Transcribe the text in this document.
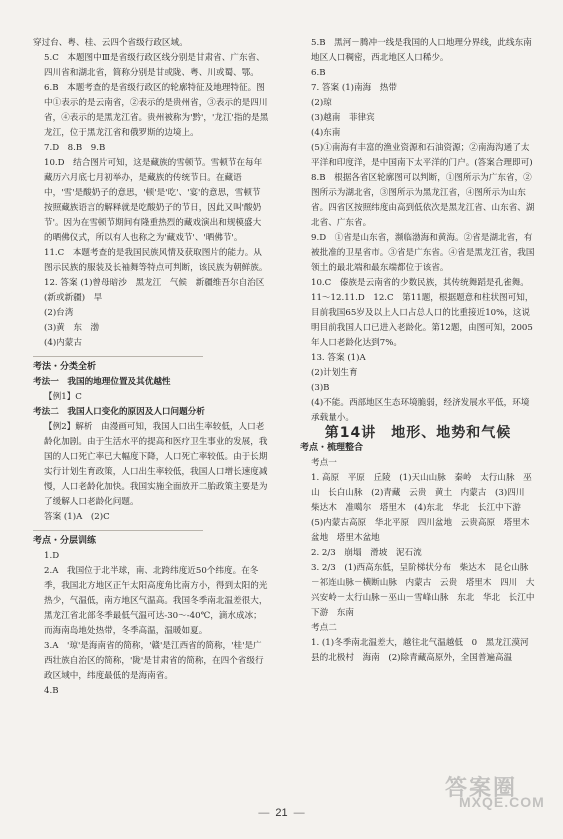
穿过台、粤、桂、云四个省级行政区域。

5.C　本题图中Ⅲ是省级行政区线分别是甘肃省、广东省、四川省和湖北省，简称分别是甘或陇、粤、川或蜀、鄂。

6.B　本题考查的是省级行政区的轮廓特征及地理特征。图中①表示的是云南省，②表示的是贵州省，③表示的是四川省，④表示的是黑龙江省。贵州被称为'黔'，'龙江'指的是黑龙江，位于黑龙江省和俄罗斯的边境上。

7.D　8.B　9.B

10.D　结合图片可知，这是藏族的雪顿节。雪顿节在每年藏历六月底七月初举办，是藏族的传统节日。在藏语中，'雪'是酸奶子的意思，'顿'是'吃'、'宴'的意思，雪顿节按照藏族语言的解释就是吃酸奶子的节日，因此又叫'酸奶节'。因为在雪顿节期间有隆重热烈的藏戏演出和规模盛大的晒佛仪式，所以有人也称之为'藏戏节'、'晒佛节'。

11.C　本题考查的是我国民族风情及获取图片的能力。从图示民族的服装及长袖舞等特点可判断，该民族为朝鲜族。

12. 答案 (1)曾母暗沙　黑龙江　气候　新疆维吾尔自治区(新或新疆)　旱

(2)台湾

(3)黄　东　渤

(4)内蒙古

考法・分类全析

考法一　我国的地理位置及其优越性

【例1】C

考法二　我国人口变化的原因及人口问题分析

【例2】解析　由漫画可知，我国人口出生率较低，人口老龄化加剧。由于生活水平的提高和医疗卫生事业的发展，我国的人口死亡率已大幅度下降，人口死亡率较低。由于长期实行计划生育政策，人口出生率较低，我国人口增长速度减慢，人口老龄化加快。我国实施全面放开二胎政策主要是为了缓解人口老龄化问题。

答案 (1)A　(2)C

考点・分层训练

1.D

2.A　我国位于北半球，南、北跨纬度近50个纬度。在冬季，我国北方地区正午太阳高度角比南方小，得到太阳的光热少，气温低，南方地区气温高。我国冬季南北温差很大，黑龙江省北部冬季最低气温可达-30～-40℃，滴水成冰；而海南岛地处热带，冬季高温，温暖如夏。

3.A　'琼'是海南省的简称，'赣'是江西省的简称，'桂'是广西壮族自治区的简称，'陇'是甘肃省的简称，在四个省级行政区域中，纬度最低的是海南省。

4.B

5.B　黑河－腾冲一线是我国的人口地理分界线，此线东南地区人口稠密，西北地区人口稀少。

6.B

7. 答案 (1)南海　热带

(2)琼

(3)越南　菲律宾

(4)东南

(5)①南海有丰富的渔业资源和石油资源；②南海沟通了太平洋和印度洋，是中国南下太平洋的门户。(答案合理即可)

8.B　根据各省区轮廓图可以判断，①图所示为广东省，②图所示为湖北省，③图所示为黑龙江省，④图所示为山东省。四省区按照纬度由高到低依次是黑龙江省、山东省、湖北省、广东省。

9.D　①省是山东省，濒临渤海和黄海。②省是湖北省，有被批准的卫星省市。③省是广东省。④省是黑龙江省，我国领土的最北端和最东端都位于该省。

10.C　傣族是云南省的少数民族，其传统舞蹈是孔雀舞。

11～12.11.D　12.C　第11题，根据题意和柱状图可知，目前我国65岁及以上人口占总人口的比重接近10%，这说明目前我国人口已进入老龄化。第12题，由图可知，2005年人口老龄化达到7%。

13. 答案 (1)A

(2)计划生育

(3)B

(4)不能。西部地区生态环境脆弱，经济发展水平低，环境承载量小。

第14讲　地形、地势和气候

考点・梳理整合

考点一

1. 高原　平原　丘陵　(1)天山山脉　秦岭　太行山脉　巫山　长白山脉　(2)青藏　云贵　黄土　内蒙古　(3)四川　柴达木　准噶尔　塔里木　(4)东北　华北　长江中下游　(5)内蒙古高原　华北平原　四川盆地　云贵高原　塔里木盆地　塔里木盆地

2. 2/3　崩塌　滑坡　泥石流

3. 2/3　(1)西高东低，呈阶梯状分布　柴达木　昆仑山脉－祁连山脉－横断山脉　内蒙古　云贵　塔里木　四川　大兴安岭－太行山脉－巫山－雪峰山脉　东北　华北　长江中下游　东南

考点二

1. (1)冬季南北温差大，越往北气温越低　0　黑龙江漠河县的北极村　海南　(2)除青藏高原外，全国普遍高温

— 21 —
答案圈
MXQE.COM
